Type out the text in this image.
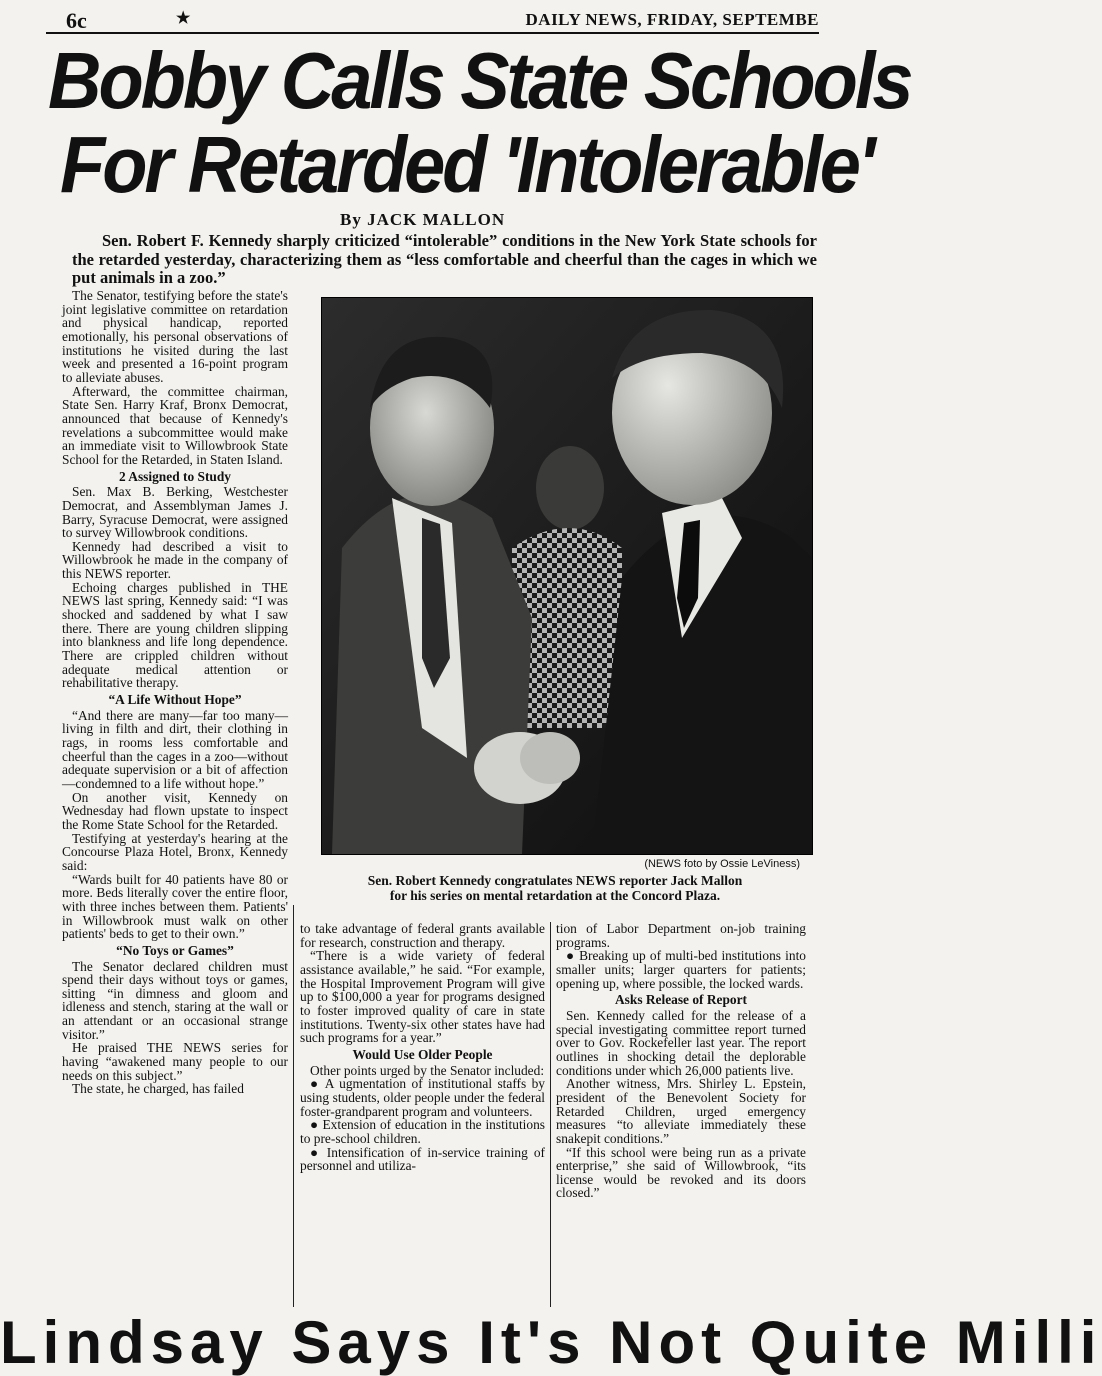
6c	★	DAILY NEWS, FRIDAY, SEPTEMBE
Bobby Calls State Schools
For Retarded 'Intolerable'
By JACK MALLON

Sen. Robert F. Kennedy sharply criticized “intolerable” conditions in the New York State schools for the retarded yesterday, characterizing them as “less comfortable and cheerful than the cages in which we put animals in a zoo.”

The Senator, testifying before the state's joint legislative committee on retardation and physical handicap, reported emotionally, his personal observations of institutions he visited during the last week and presented a 16-point program to alleviate abuses.

Afterward, the committee chairman, State Sen. Harry Kraf, Bronx Democrat, announced that because of Kennedy's revelations a subcommittee would make an immediate visit to Willowbrook State School for the Retarded, in Staten Island.

2 Assigned to Study

Sen. Max B. Berking, Westchester Democrat, and Assemblyman James J. Barry, Syracuse Democrat, were assigned to survey Willowbrook conditions.

Kennedy had described a visit to Willowbrook he made in the company of this NEWS reporter.

Echoing charges published in THE NEWS last spring, Kennedy said: “I was shocked and saddened by what I saw there. There are young children slipping into blankness and life long dependence. There are crippled children without adequate medical attention or rehabilitative therapy.

“A Life Without Hope”

“And there are many—far too many—living in filth and dirt, their clothing in rags, in rooms less comfortable and cheerful than the cages in a zoo—without adequate supervision or a bit of affection—condemned to a life without hope.”

On another visit, Kennedy on Wednesday had flown upstate to inspect the Rome State School for the Retarded.

Testifying at yesterday's hearing at the Concourse Plaza Hotel, Bronx, Kennedy said:

“Wards built for 40 patients have 80 or more. Beds literally cover the entire floor, with three inches between them. Patients' in Willowbrook must walk on other patients' beds to get to their own.”

“No Toys or Games”

The Senator declared children must spend their days without toys or games, sitting “in dimness and gloom and idleness and stench, staring at the wall or an attendant or an occasional strange visitor.”

He praised THE NEWS series for having “awakened many people to our needs on this subject.”

The state, he charged, has failed

(NEWS foto by Ossie LeViness)
Sen. Robert Kennedy congratulates NEWS reporter Jack Mallon
for his series on mental retardation at the Concord Plaza.

to take advantage of federal grants available for research, construction and therapy.

“There is a wide variety of federal assistance available,” he said. “For example, the Hospital Improvement Program will give up to $100,000 a year for programs designed to foster improved quality of care in state institutions. Twenty-six other states have had such programs for a year.”

Would Use Older People

Other points urged by the Senator included:

● A ugmentation of institutional staffs by using students, older people under the federal foster-grandparent program and volunteers.

● Extension of education in the institutions to pre-school children.

● Intensification of in-service training of personnel and utiliza-

tion of Labor Department on-job training programs.

● Breaking up of multi-bed institutions into smaller units; larger quarters for patients; opening up, where possible, the locked wards.

Asks Release of Report

Sen. Kennedy called for the release of a special investigating committee report turned over to Gov. Rockefeller last year. The report outlines in shocking detail the deplorable conditions under which 26,000 patients live.

Another witness, Mrs. Shirley L. Epstein, president of the Benevolent Society for Retarded Children, urged emergency measures “to alleviate immediately these snakepit conditions.”

“If this school were being run as a private enterprise,” she said of Willowbrook, “its license would be revoked and its doors closed.”

Lindsay Says It's Not Quite Milli
